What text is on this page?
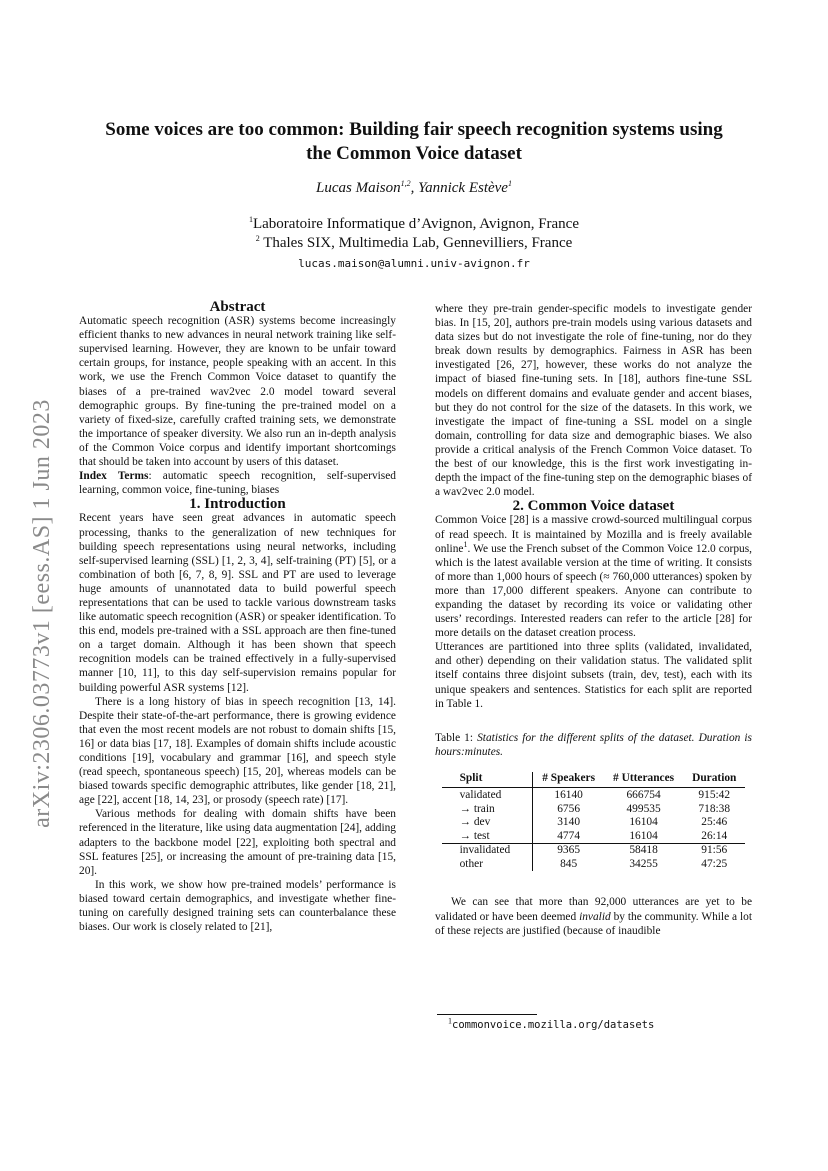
arXiv:2306.03773v1 [eess.AS] 1 Jun 2023
Some voices are too common: Building fair speech recognition systems using
the Common Voice dataset
Lucas Maison$^{1,2}$, Yannick Estève$^1$
$^1$Laboratoire Informatique d’Avignon, Avignon, France
$^2$ Thales SIX, Multimedia Lab, Gennevilliers, France
lucas.maison@alumni.univ-avignon.fr

Abstract

Automatic speech recognition (ASR) systems become increasingly efficient thanks to new advances in neural network training like self-supervised learning. However, they are known to be unfair toward certain groups, for instance, people speaking with an accent. In this work, we use the French Common Voice dataset to quantify the biases of a pre-trained wav2vec 2.0 model toward several demographic groups. By fine-tuning the pre-trained model on a variety of fixed-size, carefully crafted training sets, we demonstrate the importance of speaker diversity. We also run an in-depth analysis of the Common Voice corpus and identify important shortcomings that should be taken into account by users of this dataset.

Index Terms: automatic speech recognition, self-supervised learning, common voice, fine-tuning, biases

1. Introduction

Recent years have seen great advances in automatic speech processing, thanks to the generalization of new techniques for building speech representations using neural networks, including self-supervised learning (SSL) [1, 2, 3, 4], self-training (PT) [5], or a combination of both [6, 7, 8, 9]. SSL and PT are used to leverage huge amounts of unannotated data to build powerful speech representations that can be used to tackle various downstream tasks like automatic speech recognition (ASR) or speaker identification. To this end, models pre-trained with a SSL approach are then fine-tuned on a target domain. Although it has been shown that speech recognition models can be trained effectively in a fully-supervised manner [10, 11], to this day self-supervision remains popular for building powerful ASR systems [12].

There is a long history of bias in speech recognition [13, 14]. Despite their state-of-the-art performance, there is growing evidence that even the most recent models are not robust to domain shifts [15, 16] or data bias [17, 18]. Examples of domain shifts include acoustic conditions [19], vocabulary and grammar [16], and speech style (read speech, spontaneous speech) [15, 20], whereas models can be biased towards specific demographic attributes, like gender [18, 21], age [22], accent [18, 14, 23], or prosody (speech rate) [17].

Various methods for dealing with domain shifts have been referenced in the literature, like using data augmentation [24], adding adapters to the backbone model [22], exploiting both spectral and SSL features [25], or increasing the amount of pre-training data [15, 20].

In this work, we show how pre-trained models’ performance is biased toward certain demographics, and investigate whether fine-tuning on carefully designed training sets can counterbalance these biases. Our work is closely related to [21],

where they pre-train gender-specific models to investigate gender bias. In [15, 20], authors pre-train models using various datasets and data sizes but do not investigate the role of fine-tuning, nor do they break down results by demographics. Fairness in ASR has been investigated [26, 27], however, these works do not analyze the impact of biased fine-tuning sets. In [18], authors fine-tune SSL models on different domains and evaluate gender and accent biases, but they do not control for the size of the datasets. In this work, we investigate the impact of fine-tuning a SSL model on a single domain, controlling for data size and demographic biases. We also provide a critical analysis of the French Common Voice dataset. To the best of our knowledge, this is the first work investigating in-depth the impact of the fine-tuning step on the demographic biases of a wav2vec 2.0 model.

2. Common Voice dataset

Common Voice [28] is a massive crowd-sourced multilingual corpus of read speech. It is maintained by Mozilla and is freely available online$^1$. We use the French subset of the Common Voice 12.0 corpus, which is the latest available version at the time of writing. It consists of more than 1,000 hours of speech (≈ 760,000 utterances) spoken by more than 17,000 different speakers. Anyone can contribute to expanding the dataset by recording its voice or validating other users’ recordings. Interested readers can refer to the article [28] for more details on the dataset creation process.

Utterances are partitioned into three splits (validated, invalidated, and other) depending on their validation status. The validated split itself contains three disjoint subsets (train, dev, test), each with its unique speakers and sentences. Statistics for each split are reported in Table 1.

Table 1: Statistics for the different splits of the dataset. Duration is hours:minutes.

Split	# Speakers	# Utterances	Duration
validated	16140	666754	915:42
→ train	6756	499535	718:38
→ dev	3140	16104	25:46
→ test	4774	16104	26:14
invalidated	9365	58418	91:56
other	845	34255	47:25

We can see that more than 92,000 utterances are yet to be validated or have been deemed invalid by the community. While a lot of these rejects are justified (because of inaudible

$^1$commonvoice.mozilla.org/datasets
